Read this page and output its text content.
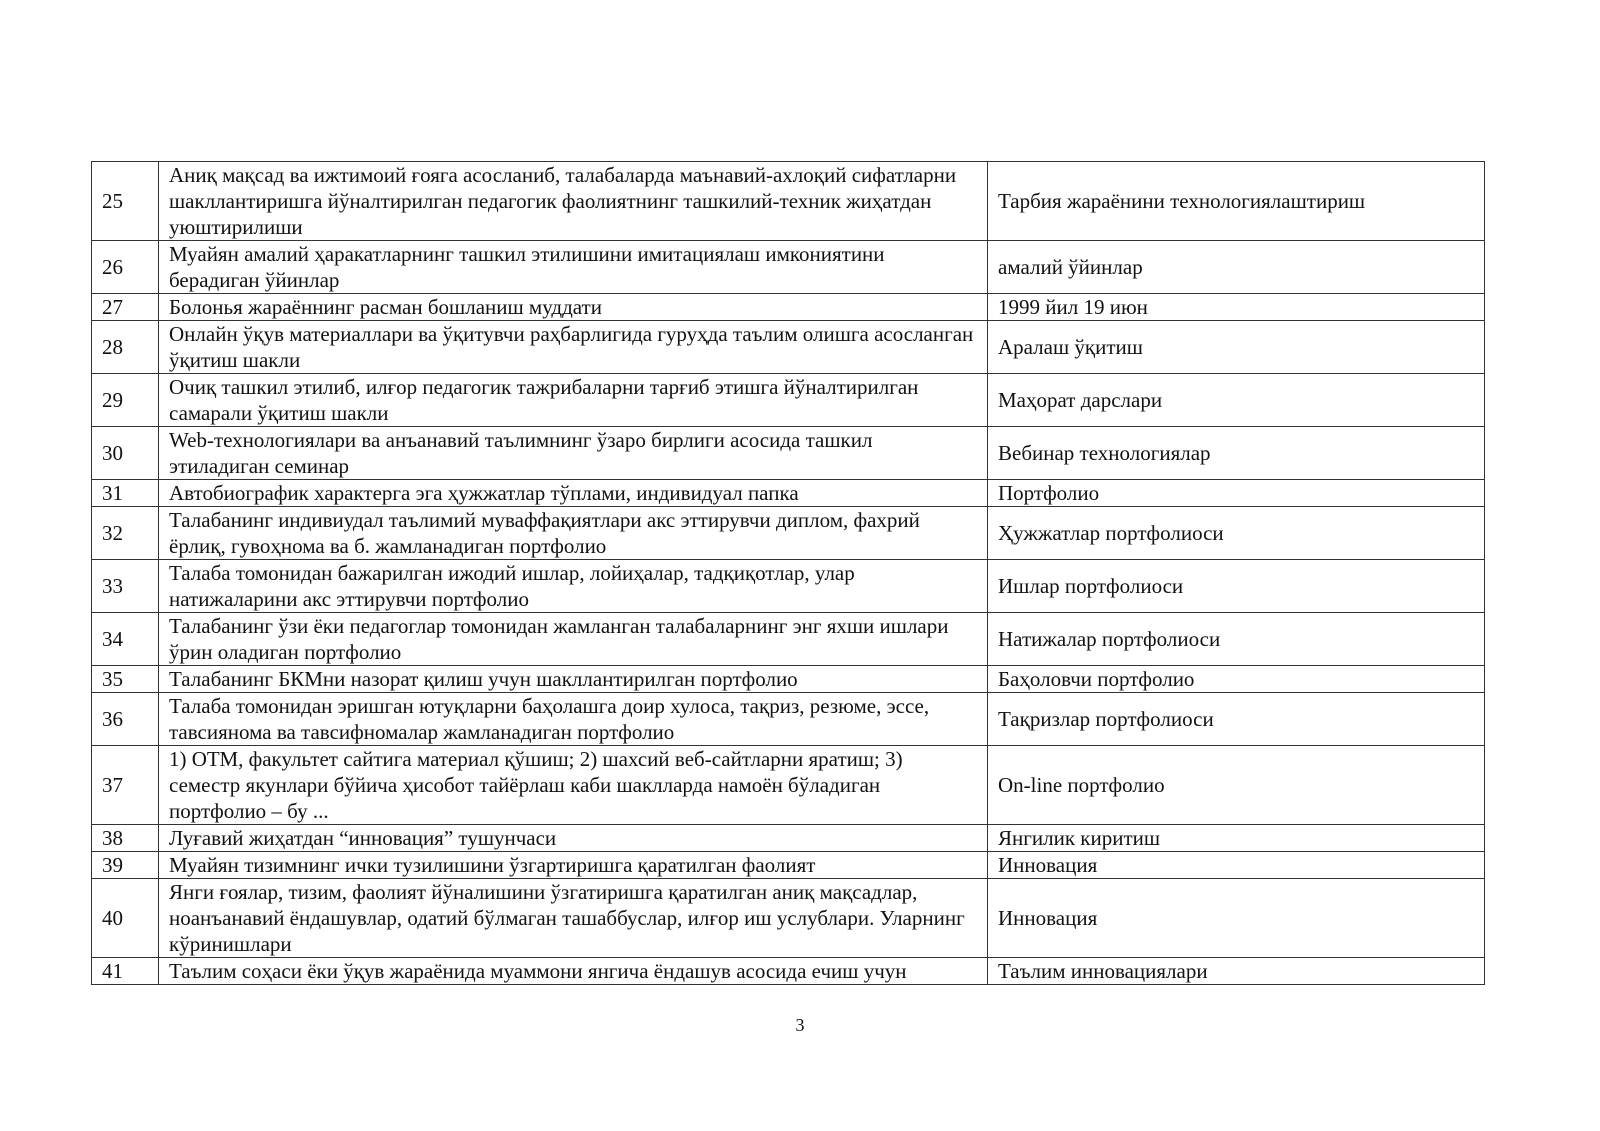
25	Аниқ мақсад ва ижтимоий ғояга асосланиб, талабаларда маънавий-ахлоқий сифатларни шакллантиришга йўналтирилган педагогик фаолиятнинг ташкилий-техник жиҳатдан уюштирилиши	Тарбия жараёнини технологиялаштириш
26	Муайян амалий ҳаракатларнинг ташкил этилишини имитациялаш имкониятини берадиган ўйинлар	амалий ўйинлар
27	Болонья жараённинг расман бошланиш муддати	1999 йил 19 июн
28	Онлайн ўқув материаллари ва ўқитувчи раҳбарлигида гуруҳда таълим олишга асосланган ўқитиш шакли	Аралаш ўқитиш
29	Очиқ ташкил этилиб, илғор педагогик тажрибаларни тарғиб этишга йўналтирилган самарали ўқитиш шакли	Маҳорат дарслари
30	Web-технологиялари ва анъанавий таълимнинг ўзаро бирлиги асосида ташкил этиладиган семинар	Вебинар технологиялар
31	Автобиографик характерга эга ҳужжатлар тўплами, индивидуал папка	Портфолио
32	Талабанинг индивиудал таълимий муваффақиятлари акс эттирувчи диплом, фахрий ёрлиқ, гувоҳнома ва б. жамланадиган портфолио	Ҳужжатлар портфолиоси
33	Талаба томонидан бажарилган ижодий ишлар, лойиҳалар, тадқиқотлар, улар натижаларини акс эттирувчи портфолио	Ишлар портфолиоси
34	Талабанинг ўзи ёки педагоглар томонидан жамланган талабаларнинг энг яхши ишлари ўрин оладиган портфолио	Натижалар портфолиоси
35	Талабанинг БКМни назорат қилиш учун шакллантирилган портфолио	Баҳоловчи портфолио
36	Талаба томонидан эришган ютуқларни баҳолашга доир хулоса, тақриз, резюме, эссе, тавсиянома ва тавсифномалар жамланадиган портфолио	Тақризлар портфолиоси
37	1) ОТМ, факультет сайтига материал қўшиш; 2) шахсий веб-сайтларни яратиш; 3) семестр якунлари бўйича ҳисобот тайёрлаш каби шаклларда намоён бўладиган портфолио – бу ...	On-line портфолио
38	Луғавий жиҳатдан “инновация” тушунчаси	Янгилик киритиш
39	Муайян тизимнинг ички тузилишини ўзгартиришга қаратилган фаолият	Инновация
40	Янги ғоялар, тизим, фаолият йўналишини ўзгатиришга қаратилган аниқ мақсадлар, ноанъанавий ёндашувлар, одатий бўлмаган ташаббуслар, илғор иш услублари. Уларнинг кўринишлари	Инновация
41	Таълим соҳаси ёки ўқув жараёнида муаммони янгича ёндашув асосида ечиш учун	Таълим инновациялари
3
